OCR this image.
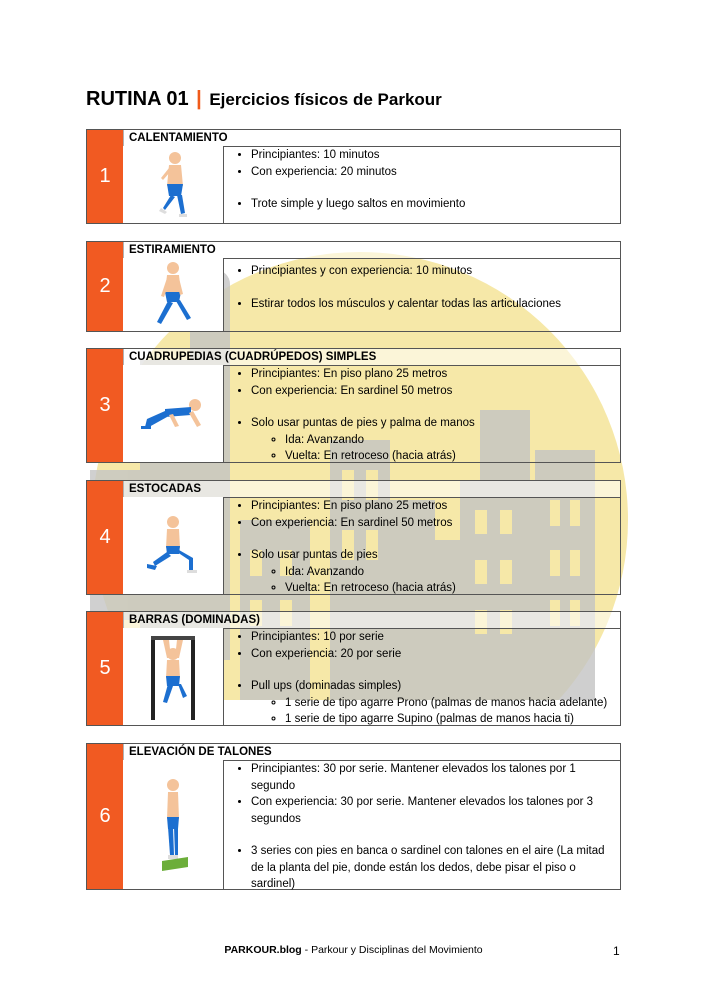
RUTINA 01 | Ejercicios físicos de Parkour
1
CALENTAMIENTO
• Principiantes: 10 minutos
• Con experiencia: 20 minutos
• Trote simple y luego saltos en movimiento
2
ESTIRAMIENTO
• Principiantes y con experiencia: 10 minutos
• Estirar todos los músculos y calentar todas las articulaciones
3
CUADRUPEDIAS (CUADRÚPEDOS) SIMPLES
• Principiantes: En piso plano 25 metros
• Con experiencia: En sardinel 50 metros
• Solo usar puntas de pies y palma de manos
◦ Ida: Avanzando
◦ Vuelta: En retroceso (hacia atrás)
4
ESTOCADAS
• Principiantes: En piso plano 25 metros
• Con experiencia: En sardinel 50 metros
• Solo usar puntas de pies
◦ Ida: Avanzando
◦ Vuelta: En retroceso (hacia atrás)
5
BARRAS (DOMINADAS)
• Principiantes: 10 por serie
• Con experiencia: 20 por serie
• Pull ups (dominadas simples)
◦ 1 serie de tipo agarre Prono (palmas de manos hacia adelante)
◦ 1 serie de tipo agarre Supino (palmas de manos hacia ti)
6
ELEVACIÓN DE TALONES
• Principiantes: 30 por serie. Mantener elevados los talones por 1 segundo
• Con experiencia: 30 por serie. Mantener elevados los talones por 3 segundos
• 3 series con pies en banca o sardinel con talones en el aire (La mitad de la planta del pie, donde están los dedos, debe pisar el piso o sardinel)
PARKOUR.blog - Parkour y Disciplinas del Movimiento	1
